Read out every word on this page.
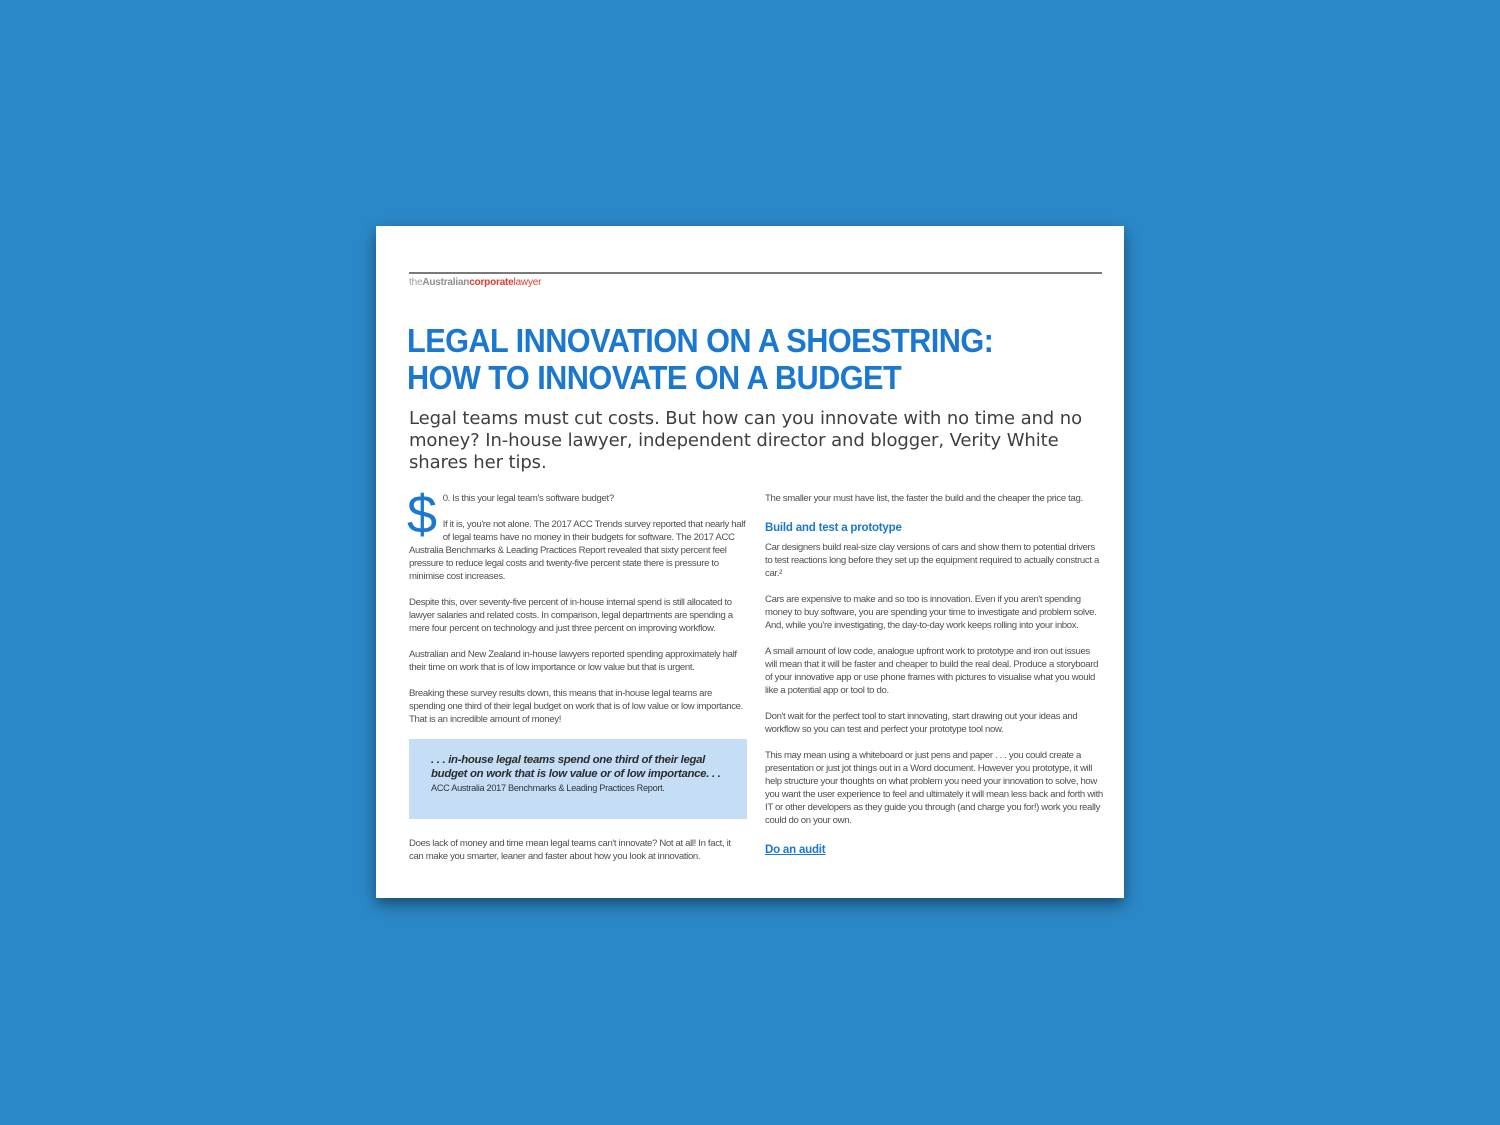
theAustraliancorporatelawyer
LEGAL INNOVATION ON A SHOESTRING:
HOW TO INNOVATE ON A BUDGET
Legal teams must cut costs. But how can you innovate with no time and no money? In-house lawyer, independent director and blogger, Verity White shares her tips.
$ 0. Is this your legal team's software budget?

If it is, you're not alone. The 2017 ACC Trends survey reported that nearly half of legal teams have no money in their budgets for software. The 2017 ACC Australia Benchmarks & Leading Practices Report revealed that sixty percent feel pressure to reduce legal costs and twenty-five percent state there is pressure to minimise cost increases.

Despite this, over seventy-five percent of in-house internal spend is still allocated to lawyer salaries and related costs. In comparison, legal departments are spending a mere four percent on technology and just three percent on improving workflow.

Australian and New Zealand in-house lawyers reported spending approximately half their time on work that is of low importance or low value but that is urgent.

Breaking these survey results down, this means that in-house legal teams are spending one third of their legal budget on work that is of low value or low importance. That is an incredible amount of money!

. . . in-house legal teams spend one third of their legal budget on work that is low value or of low importance. . .
ACC Australia 2017 Benchmarks & Leading Practices Report.

Does lack of money and time mean legal teams can't innovate? Not at all! In fact, it can make you smarter, leaner and faster about how you look at innovation.

The smaller your must have list, the faster the build and the cheaper the price tag.

Build and test a prototype

Car designers build real-size clay versions of cars and show them to potential drivers to test reactions long before they set up the equipment required to actually construct a car.²

Cars are expensive to make and so too is innovation. Even if you aren't spending money to buy software, you are spending your time to investigate and problem solve. And, while you're investigating, the day-to-day work keeps rolling into your inbox.

A small amount of low code, analogue upfront work to prototype and iron out issues will mean that it will be faster and cheaper to build the real deal. Produce a storyboard of your innovative app or use phone frames with pictures to visualise what you would like a potential app or tool to do.

Don't wait for the perfect tool to start innovating, start drawing out your ideas and workflow so you can test and perfect your prototype tool now.

This may mean using a whiteboard or just pens and paper . . . you could create a presentation or just jot things out in a Word document. However you prototype, it will help structure your thoughts on what problem you need your innovation to solve, how you want the user experience to feel and ultimately it will mean less back and forth with IT or other developers as they guide you through (and charge you for!) work you really could do on your own.

Do an audit
